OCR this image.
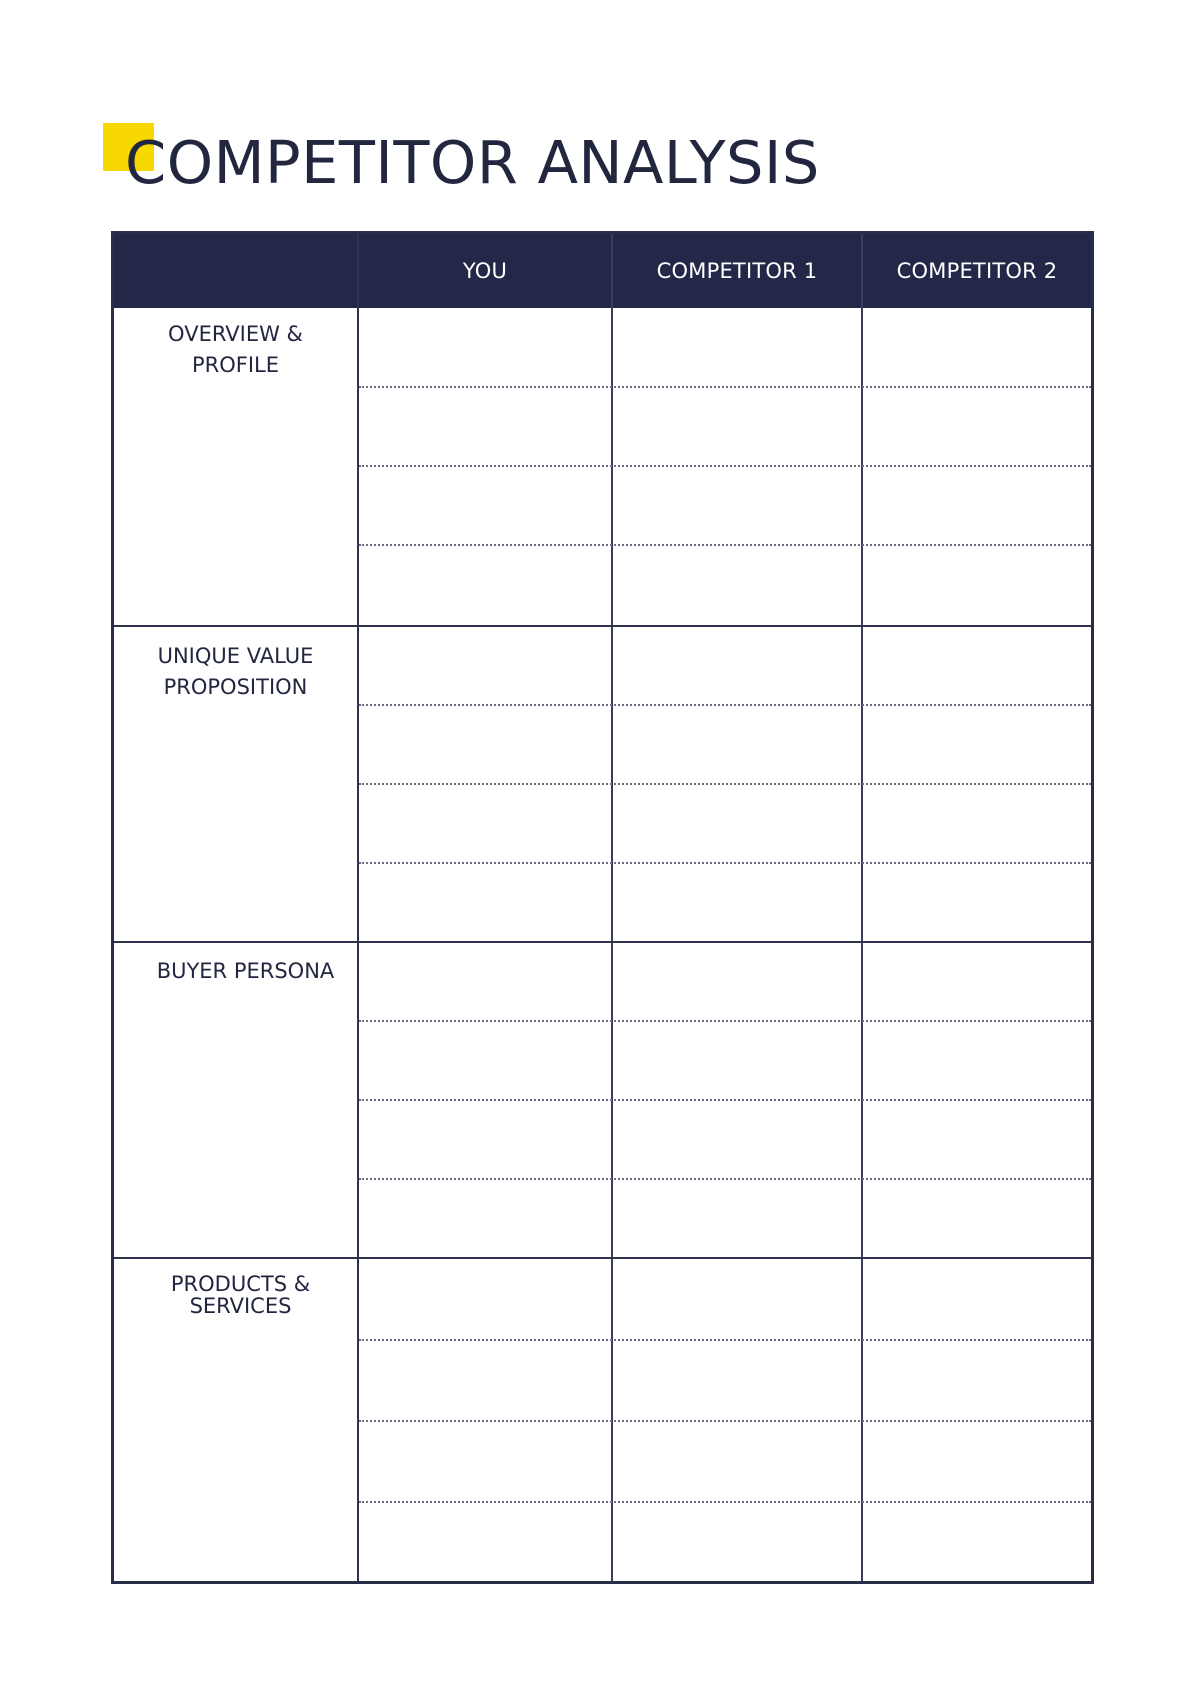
COMPETITOR ANALYSIS
YOU	COMPETITOR 1	COMPETITOR 2
OVERVIEW &
PROFILE
UNIQUE VALUE
PROPOSITION
BUYER PERSONA
PRODUCTS &
SERVICES
